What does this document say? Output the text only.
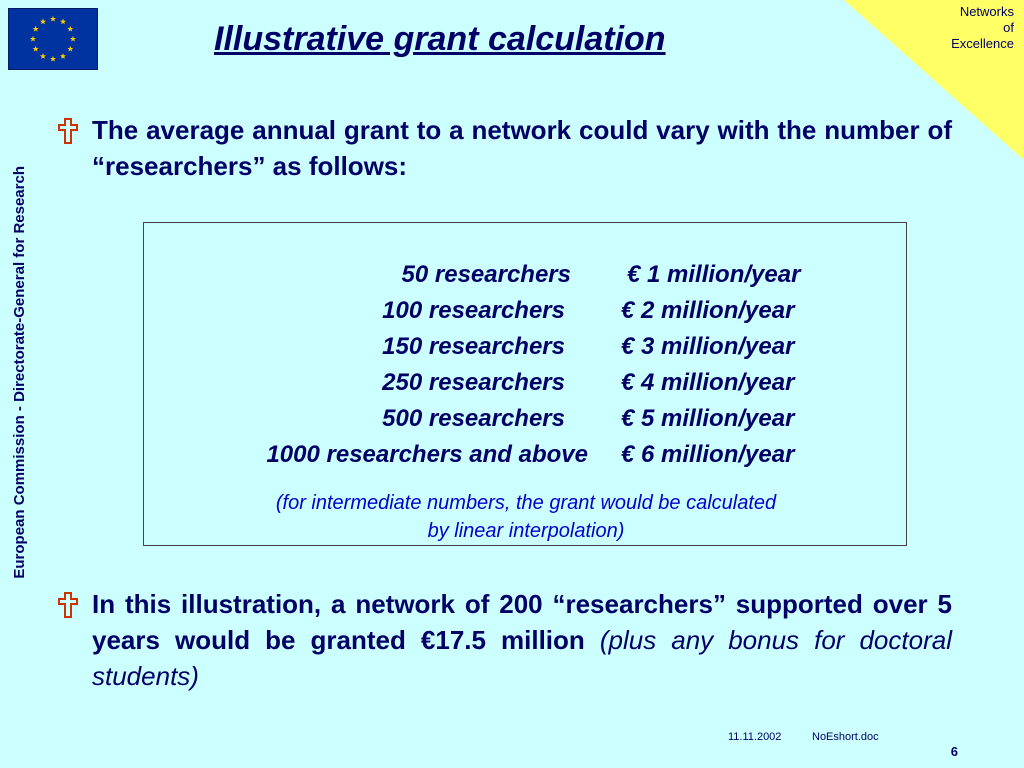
Networks
of
Excellence
European Commission - Directorate-General for Research
Illustrative grant calculation
The average annual grant to a network could vary with the number of “researchers” as follows:
50 researchers € 1 million/year
100 researchers € 2 million/year
150 researchers € 3 million/year
250 researchers € 4 million/year
500 researchers € 5 million/year
1000 researchers and above € 6 million/year
(for intermediate numbers, the grant would be calculated
by linear interpolation)
In this illustration, a network of 200 “researchers” supported over 5 years would be granted €17.5 million (plus any bonus for doctoral students)
11.11.2002	NoEshort.doc
6
